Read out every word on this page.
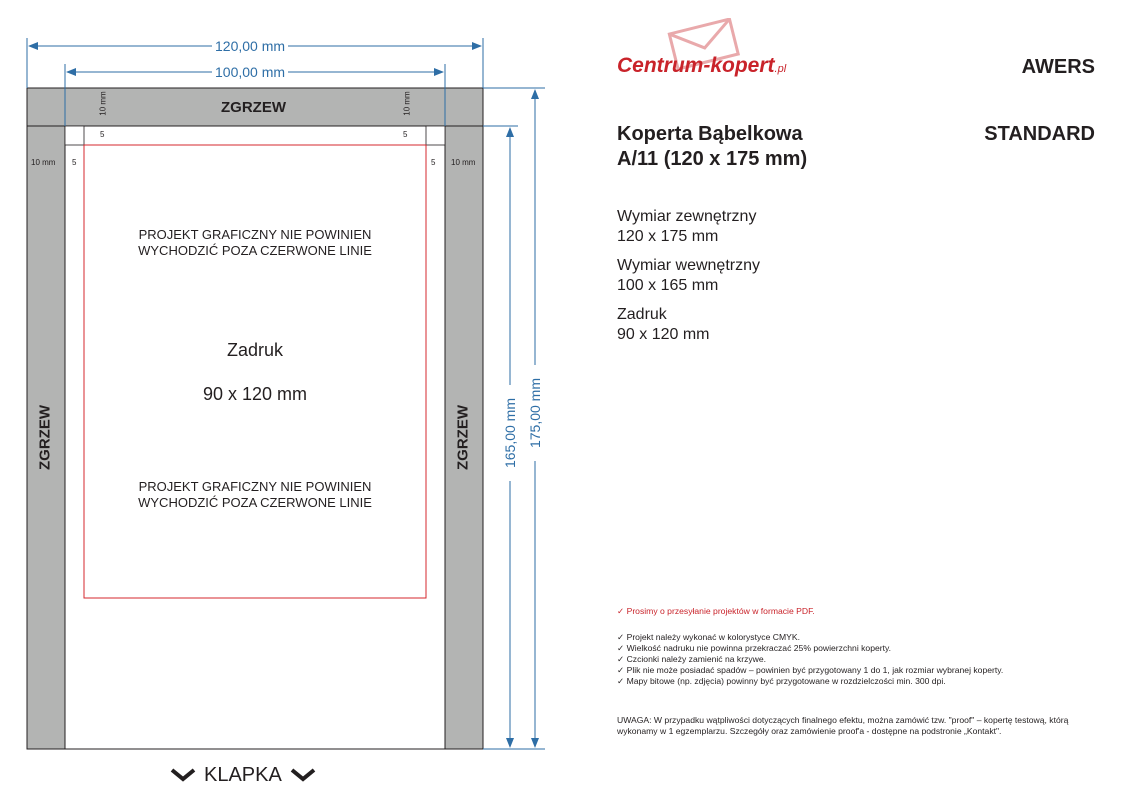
120,00 mm
100,00 mm
165,00 mm 175,00 mm
10 mm	10 mm
10 mm	10 mm
5	5
5	5
ZGRZEW
ZGRZEW	ZGRZEW
PROJEKT GRAFICZNY NIE POWINIEN
WYCHODZIĆ POZA CZERWONE LINIE
Zadruk
90 x 120 mm
PROJEKT GRAFICZNY NIE POWINIEN
WYCHODZIĆ POZA CZERWONE LINIE
KLAPKA
Centrum-kopert.pl	AWERS
STANDARD
Koperta Bąbelkowa
A/11 (120 x 175 mm)
Wymiar zewnętrzny
120 x 175 mm
Wymiar wewnętrzny
100 x 165 mm
Zadruk
90 x 120 mm
✓ Prosimy o przesyłanie projektów w formacie PDF.
✓ Projekt należy wykonać w kolorystyce CMYK.
✓ Wielkość nadruku nie powinna przekraczać 25% powierzchni koperty.
✓ Czcionki należy zamienić na krzywe.
✓ Plik nie może posiadać spadów – powinien być przygotowany 1 do 1, jak rozmiar wybranej koperty.
✓ Mapy bitowe (np. zdjęcia) powinny być przygotowane w rozdzielczości min. 300 dpi.
UWAGA: W przypadku wątpliwości dotyczących finalnego efektu, można zamówić tzw. "proof" – kopertę testową, którą wykonamy w 1 egzemplarzu. Szczegóły oraz zamówienie proof'a - dostępne na podstronie „Kontakt".
